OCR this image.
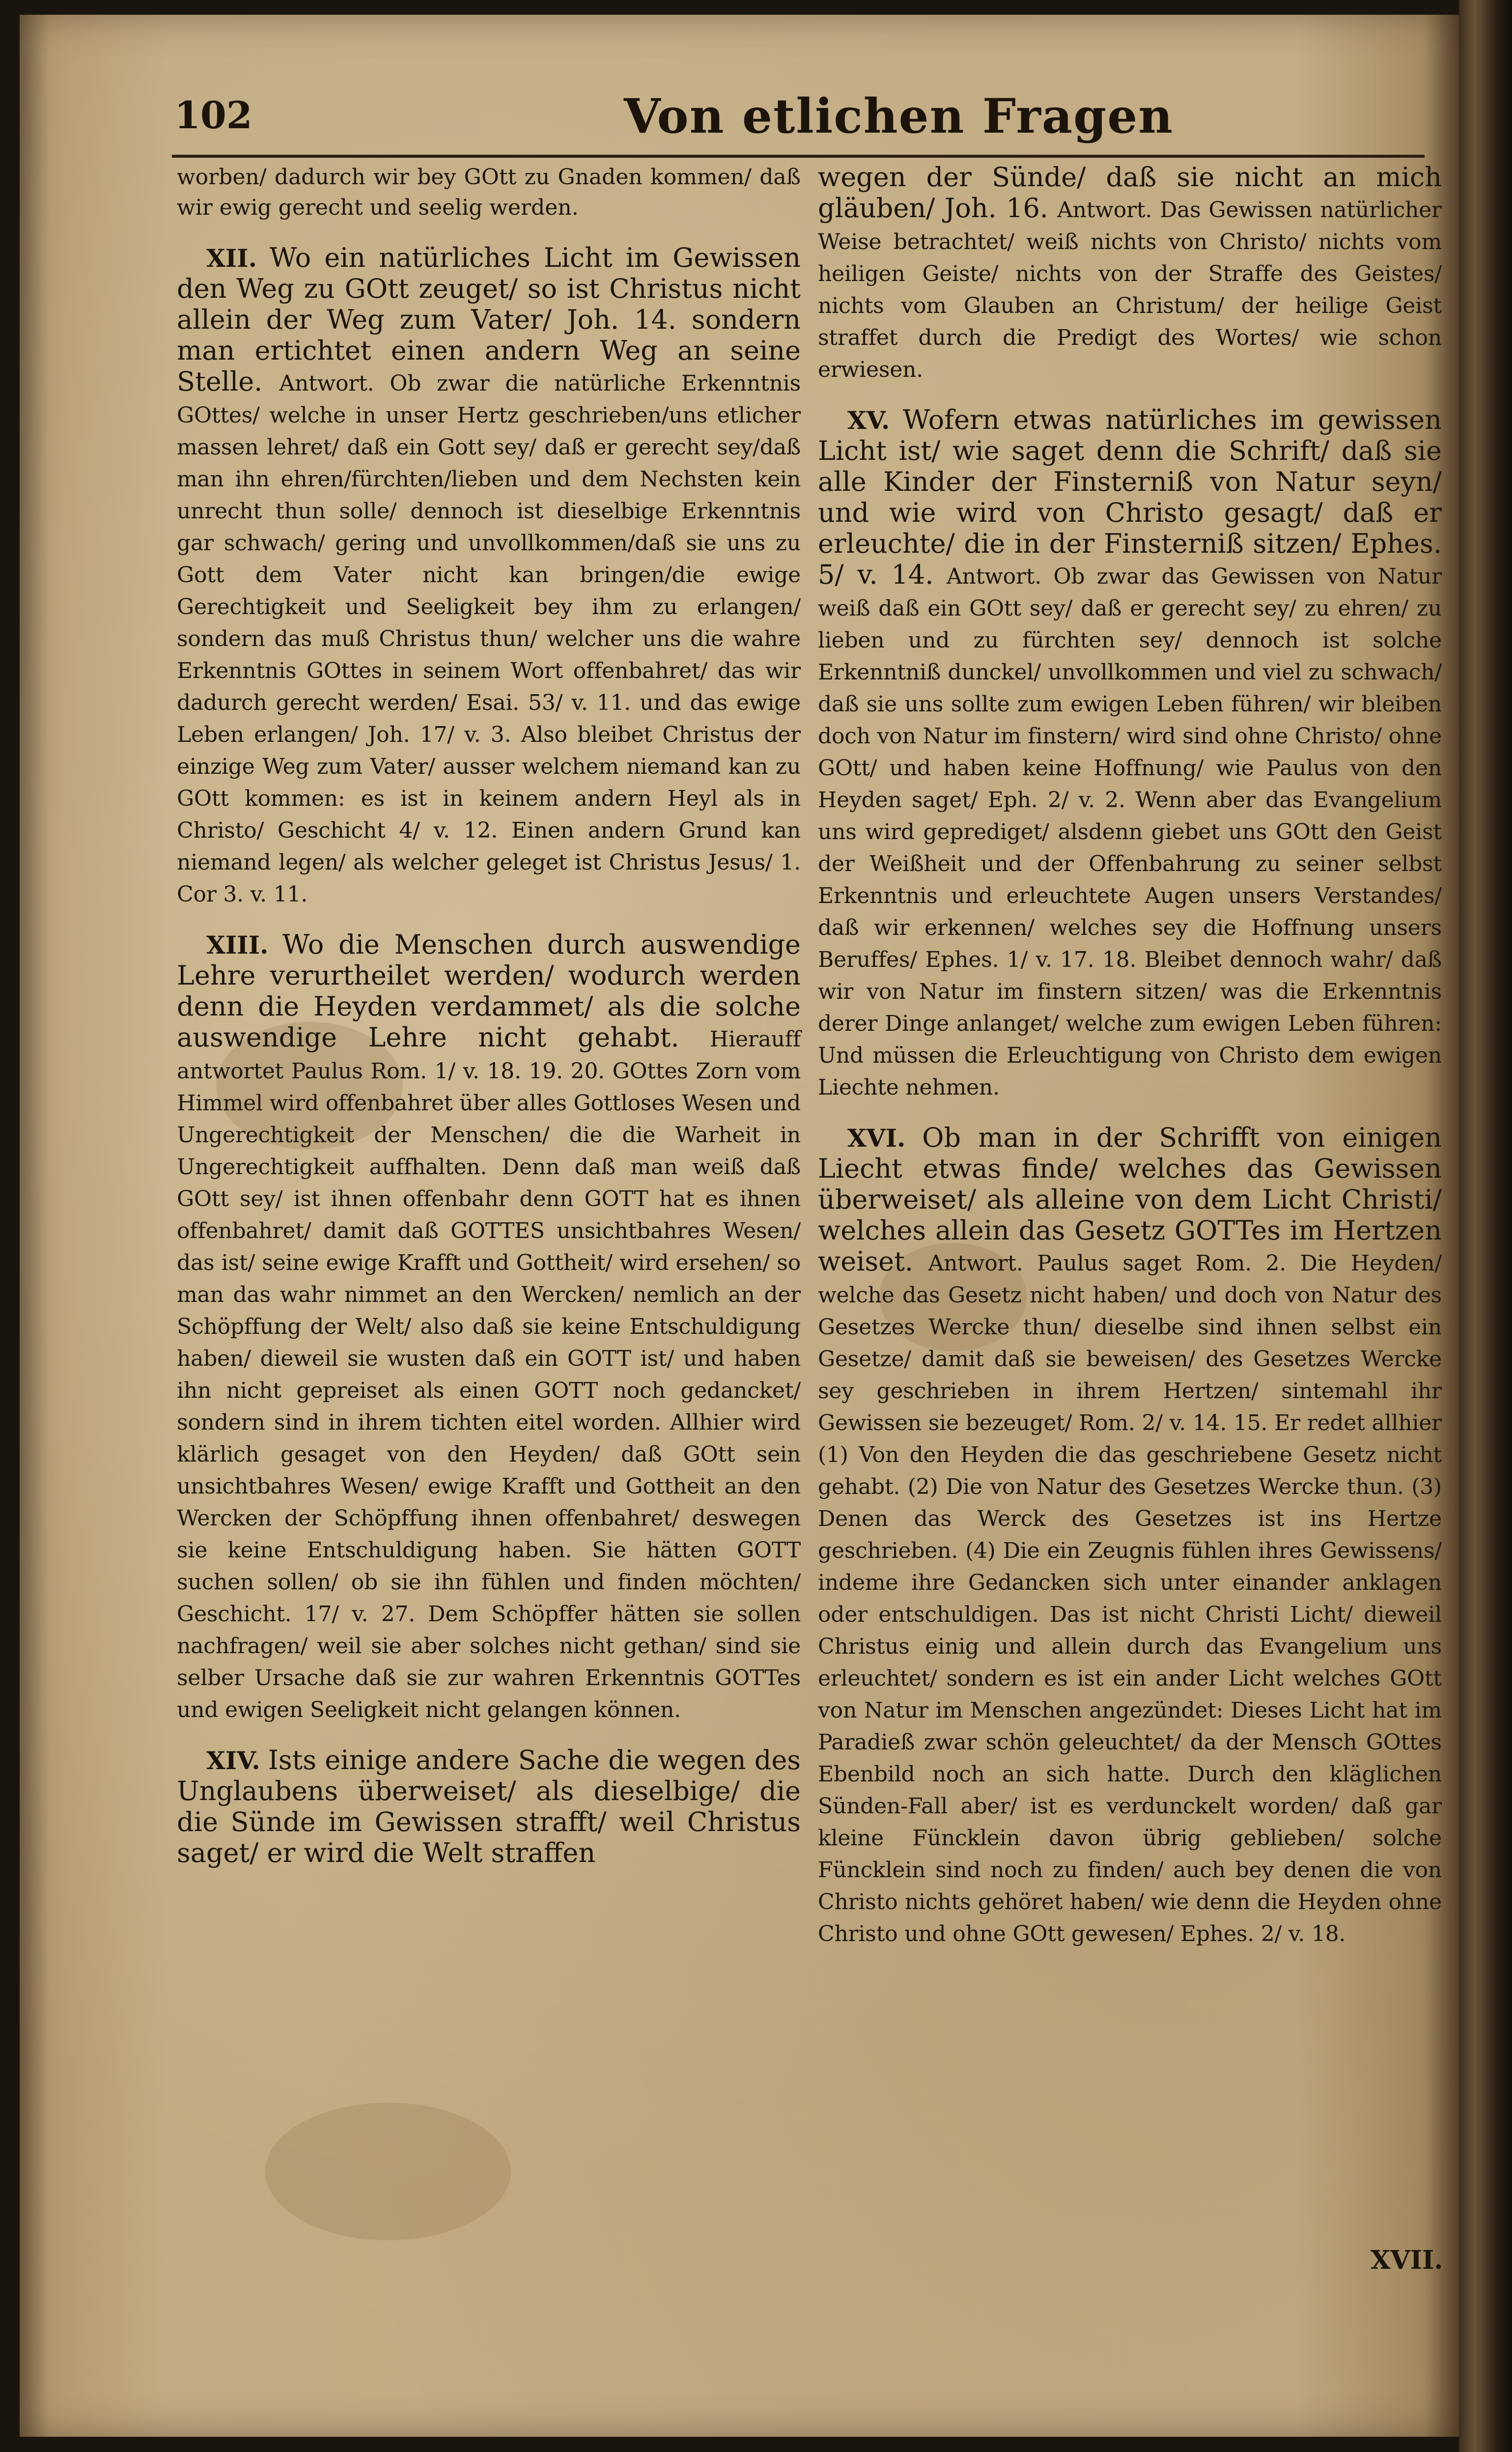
102	Von etlichen Fragen

worben/ dadurch wir bey GOtt zu Gnaden kommen/ daß wir ewig gerecht und seelig werden.

XII. Wo ein natürliches Licht im Gewissen den Weg zu GOtt zeuget/ so ist Christus nicht allein der Weg zum Vater/ Joh. 14. sondern man ertichtet einen andern Weg an seine Stelle. Antwort. Ob zwar die natürliche Erkenntnis GOttes/ welche in unser Hertz geschrieben/uns etlicher massen lehret/ daß ein Gott sey/ daß er gerecht sey/daß man ihn ehren/fürchten/lieben und dem Nechsten kein unrecht thun solle/ dennoch ist dieselbige Erkenntnis gar schwach/ gering und unvollkommen/daß sie uns zu Gott dem Vater nicht kan bringen/die ewige Gerechtigkeit und Seeligkeit bey ihm zu erlangen/ sondern das muß Christus thun/ welcher uns die wahre Erkenntnis GOttes in seinem Wort offenbahret/ das wir dadurch gerecht werden/ Esai. 53/ v. 11. und das ewige Leben erlangen/ Joh. 17/ v. 3. Also bleibet Christus der einzige Weg zum Vater/ ausser welchem niemand kan zu GOtt kommen: es ist in keinem andern Heyl als in Christo/ Geschicht 4/ v. 12. Einen andern Grund kan niemand legen/ als welcher geleget ist Christus Jesus/ 1. Cor 3. v. 11.

XIII. Wo die Menschen durch auswendige Lehre verurtheilet werden/ wodurch werden denn die Heyden verdammet/ als die solche auswendige Lehre nicht gehabt. Hierauff antwortet Paulus Rom. 1/ v. 18. 19. 20. GOttes Zorn vom Himmel wird offenbahret über alles Gottloses Wesen und Ungerechtigkeit der Menschen/ die die Warheit in Ungerechtigkeit auffhalten. Denn daß man weiß daß GOtt sey/ ist ihnen offenbahr denn GOTT hat es ihnen offenbahret/ damit daß GOTTES unsichtbahres Wesen/ das ist/ seine ewige Krafft und Gottheit/ wird ersehen/ so man das wahr nimmet an den Wercken/ nemlich an der Schöpffung der Welt/ also daß sie keine Entschuldigung haben/ dieweil sie wusten daß ein GOTT ist/ und haben ihn nicht gepreiset als einen GOTT noch gedancket/ sondern sind in ihrem tichten eitel worden. Allhier wird klärlich gesaget von den Heyden/ daß GOtt sein unsichtbahres Wesen/ ewige Krafft und Gottheit an den Wercken der Schöpffung ihnen offenbahret/ deswegen sie keine Entschuldigung haben. Sie hätten GOTT suchen sollen/ ob sie ihn fühlen und finden möchten/ Geschicht. 17/ v. 27. Dem Schöpffer hätten sie sollen nachfragen/ weil sie aber solches nicht gethan/ sind sie selber Ursache daß sie zur wahren Erkenntnis GOTTes und ewigen Seeligkeit nicht gelangen können.

XIV. Ists einige andere Sache die wegen des Unglaubens überweiset/ als dieselbige/ die die Sünde im Gewissen strafft/ weil Christus saget/ er wird die Welt straffen

wegen der Sünde/ daß sie nicht an mich gläuben/ Joh. 16. Antwort. Das Gewissen natürlicher Weise betrachtet/ weiß nichts von Christo/ nichts vom heiligen Geiste/ nichts von der Straffe des Geistes/ nichts vom Glauben an Christum/ der heilige Geist straffet durch die Predigt des Wortes/ wie schon erwiesen.

XV. Wofern etwas natürliches im gewissen Licht ist/ wie saget denn die Schrift/ daß sie alle Kinder der Finsterniß von Natur seyn/ und wie wird von Christo gesagt/ daß er erleuchte/ die in der Finsterniß sitzen/ Ephes. 5/ v. 14. Antwort. Ob zwar das Gewissen von Natur weiß daß ein GOtt sey/ daß er gerecht sey/ zu ehren/ zu lieben und zu fürchten sey/ dennoch ist solche Erkenntniß dunckel/ unvollkommen und viel zu schwach/ daß sie uns sollte zum ewigen Leben führen/ wir bleiben doch von Natur im finstern/ wird sind ohne Christo/ ohne GOtt/ und haben keine Hoffnung/ wie Paulus von den Heyden saget/ Eph. 2/ v. 2. Wenn aber das Evangelium uns wird geprediget/ alsdenn giebet uns GOtt den Geist der Weißheit und der Offenbahrung zu seiner selbst Erkenntnis und erleuchtete Augen unsers Verstandes/ daß wir erkennen/ welches sey die Hoffnung unsers Beruffes/ Ephes. 1/ v. 17. 18. Bleibet dennoch wahr/ daß wir von Natur im finstern sitzen/ was die Erkenntnis derer Dinge anlanget/ welche zum ewigen Leben führen: Und müssen die Erleuchtigung von Christo dem ewigen Liechte nehmen.

XVI. Ob man in der Schrifft von einigen Liecht etwas finde/ welches das Gewissen überweiset/ als alleine von dem Licht Christi/ welches allein das Gesetz GOTTes im Hertzen weiset. Antwort. Paulus saget Rom. 2. Die Heyden/ welche das Gesetz nicht haben/ und doch von Natur des Gesetzes Wercke thun/ dieselbe sind ihnen selbst ein Gesetze/ damit daß sie beweisen/ des Gesetzes Wercke sey geschrieben in ihrem Hertzen/ sintemahl ihr Gewissen sie bezeuget/ Rom. 2/ v. 14. 15. Er redet allhier (1) Von den Heyden die das geschriebene Gesetz nicht gehabt. (2) Die von Natur des Gesetzes Wercke thun. (3) Denen das Werck des Gesetzes ist ins Hertze geschrieben. (4) Die ein Zeugnis fühlen ihres Gewissens/ indeme ihre Gedancken sich unter einander anklagen oder entschuldigen. Das ist nicht Christi Licht/ dieweil Christus einig und allein durch das Evangelium uns erleuchtet/ sondern es ist ein ander Licht welches GOtt von Natur im Menschen angezündet: Dieses Licht hat im Paradieß zwar schön geleuchtet/ da der Mensch GOttes Ebenbild noch an sich hatte. Durch den kläglichen Sünden-Fall aber/ ist es verdunckelt worden/ daß gar kleine Füncklein davon übrig geblieben/ solche Füncklein sind noch zu finden/ auch bey denen die von Christo nichts gehöret haben/ wie denn die Heyden ohne Christo und ohne GOtt gewesen/ Ephes. 2/ v. 18.

XVII.
